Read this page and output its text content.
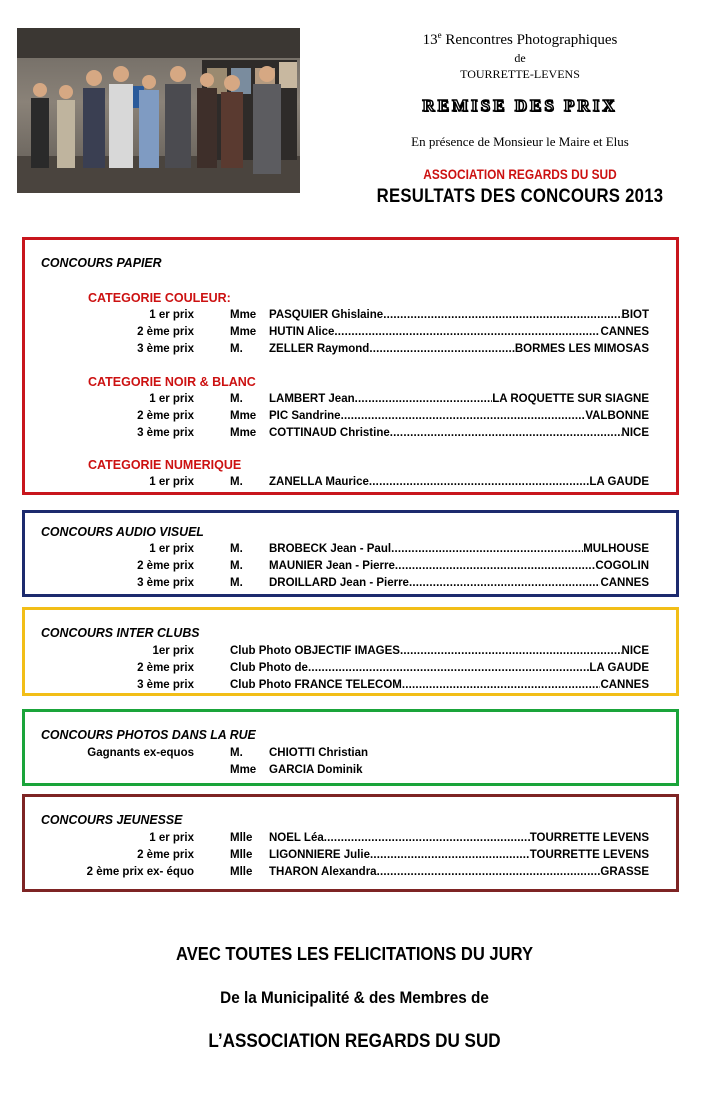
13e Rencontres Photographiques
de
TOURRETTE-LEVENS
REMISE DES PRIX
En présence de Monsieur le Maire et Elus
ASSOCIATION REGARDS DU SUD
RESULTATS DES CONCOURS 2013
CONCOURS PAPIER
CATEGORIE COULEUR:
1 er prix	Mme PASQUIER Ghislaine .....	BIOT
2 ème prix	Mme HUTIN Alice .....	CANNES
3 ème prix	M. ZELLER Raymond .....	BORMES LES MIMOSAS
CATEGORIE NOIR & BLANC
1 er prix	M. LAMBERT Jean .....	LA ROQUETTE SUR SIAGNE
2 ème prix	Mme PIC Sandrine .....	VALBONNE
3 ème prix	Mme COTTINAUD Christine .....	NICE
CATEGORIE NUMERIQUE
1 er prix	M. ZANELLA Maurice .....	LA GAUDE
CONCOURS AUDIO VISUEL
1 er prix	M. BROBECK Jean - Paul .....	MULHOUSE
2 ème prix	M. MAUNIER Jean - Pierre .....	COGOLIN
3 ème prix	M. DROILLARD Jean - Pierre .....	CANNES
CONCOURS INTER CLUBS
1er prix	Club Photo OBJECTIF IMAGES .....	NICE
2 ème prix	Club Photo de .....	LA GAUDE
3 ème prix	Club Photo FRANCE TELECOM .....	CANNES
CONCOURS PHOTOS DANS LA RUE
Gagnants ex-equos	M. CHIOTTI Christian
Mme GARCIA Dominik
CONCOURS JEUNESSE
1 er prix	Mlle NOEL Léa .....	TOURRETTE LEVENS
2 ème prix	Mlle LIGONNIERE Julie .....	TOURRETTE LEVENS
2 ème prix ex- équo	Mlle THARON Alexandra .....	GRASSE
AVEC TOUTES LES FELICITATIONS DU JURY
De la Municipalité & des Membres de
L’ASSOCIATION REGARDS DU SUD
